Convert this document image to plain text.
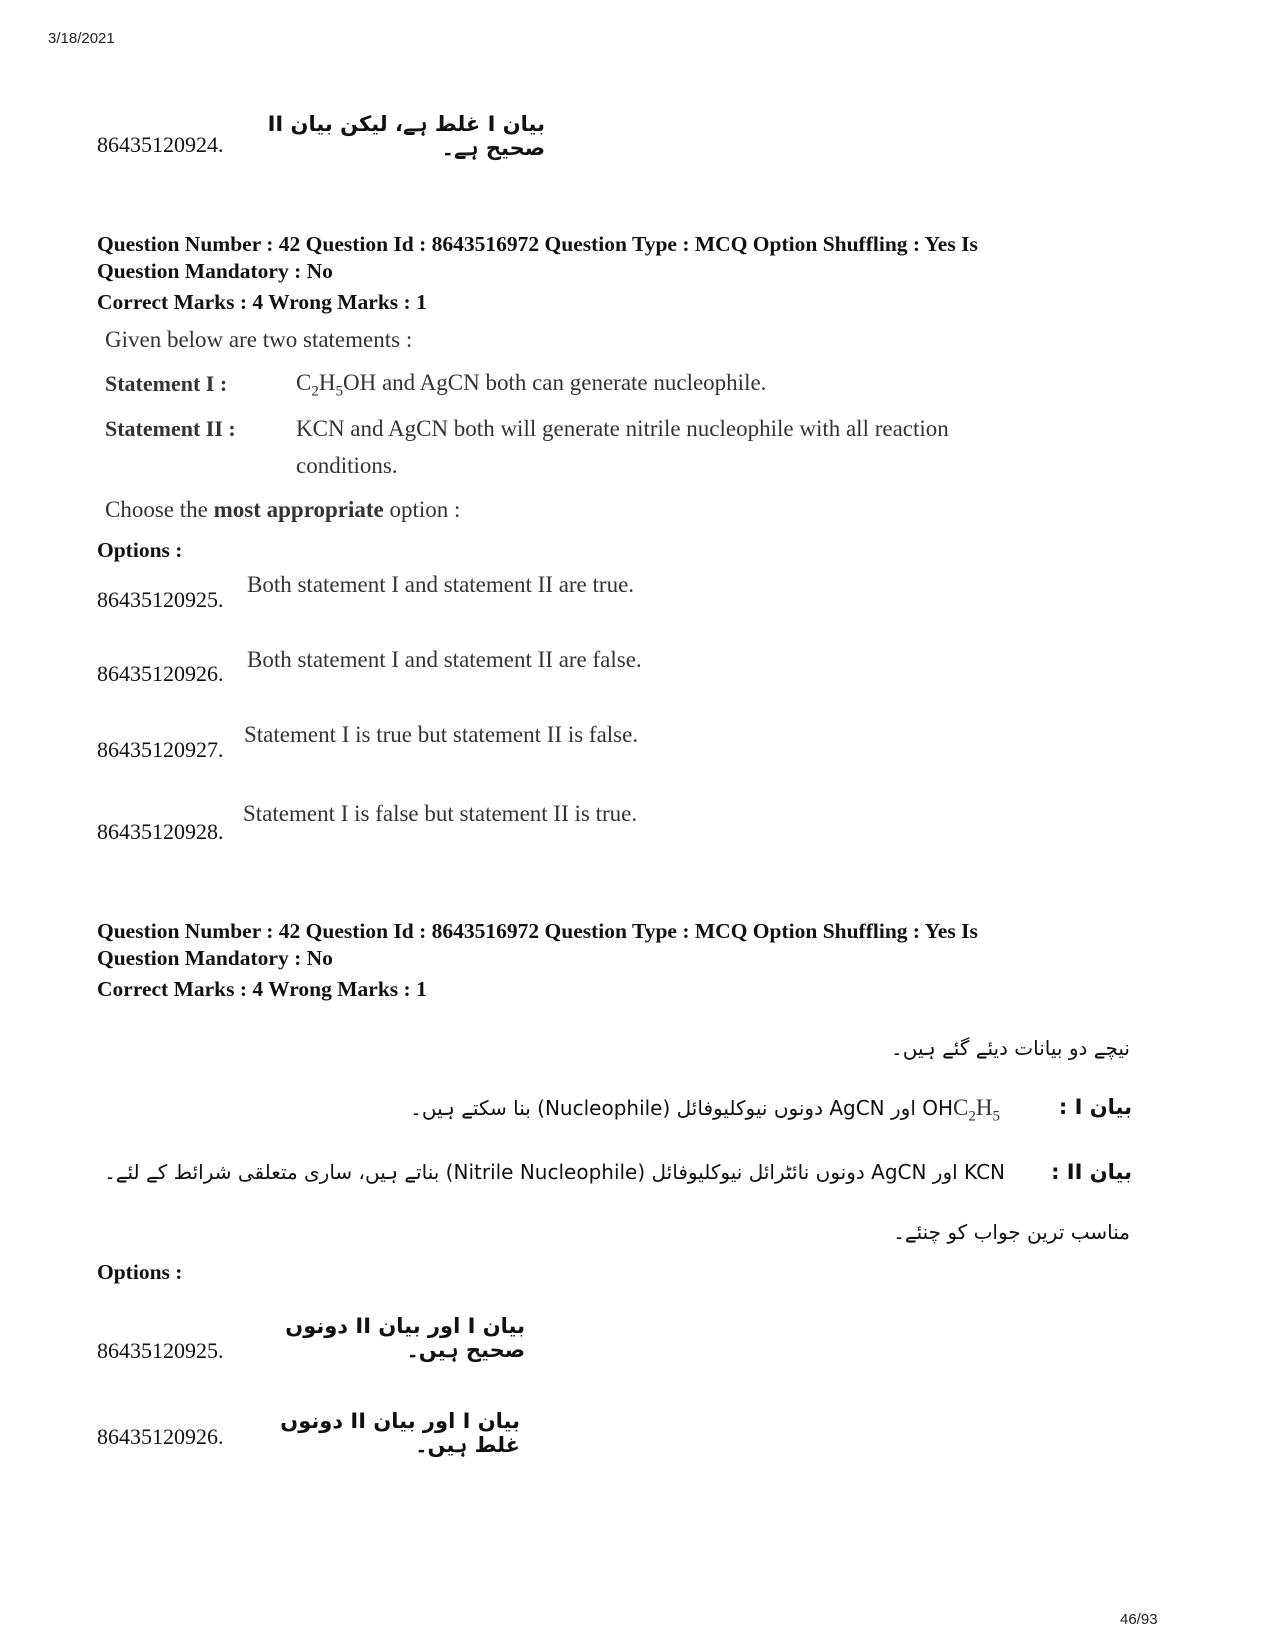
3/18/2021
86435120924.
بیان I غلط ہے، لیکن بیان II صحیح ہے۔
Question Number : 42 Question Id : 8643516972 Question Type : MCQ Option Shuffling : Yes Is
Question Mandatory : No
Correct Marks : 4 Wrong Marks : 1
Given below are two statements :
Statement I :	$C_2H_5OH$ and AgCN both can generate nucleophile.
Statement II :	KCN and AgCN both will generate nitrile nucleophile with all reaction
conditions.
Choose the most appropriate option :
Options :
86435120925.
Both statement I and statement II are true.
86435120926.
Both statement I and statement II are false.
86435120927.
Statement I is true but statement II is false.
86435120928.
Statement I is false but statement II is true.
Question Number : 42 Question Id : 8643516972 Question Type : MCQ Option Shuffling : Yes Is
Question Mandatory : No
Correct Marks : 4 Wrong Marks : 1
نیچے دو بیانات دیئے گئے ہیں۔
بیان I :
$C_2H_5OH$ اور AgCN دونوں نیوکلیوفائل (Nucleophile) بنا سکتے ہیں۔
بیان II :
KCN اور AgCN دونوں نائٹرائل نیوکلیوفائل (Nitrile Nucleophile) بناتے ہیں، ساری متعلقی شرائط کے لئے۔
مناسب ترین جواب کو چنئے۔
Options :
86435120925.
بیان I اور بیان II دونوں صحیح ہیں۔
86435120926.
بیان I اور بیان II دونوں غلط ہیں۔
46/93
